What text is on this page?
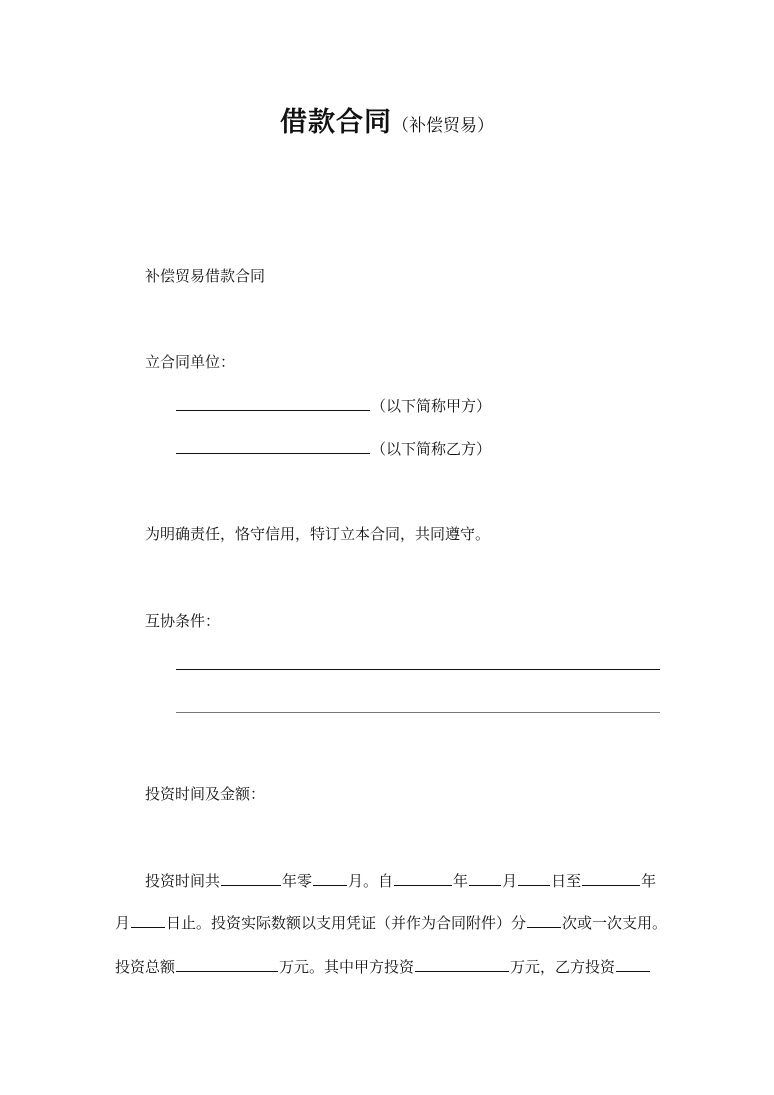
借款合同（补偿贸易）
补偿贸易借款合同
立合同单位：
（以下简称甲方）
（以下简称乙方）
为明确责任，恪守信用，特订立本合同，共同遵守。
互协条件：
投资时间及金额：
投资时间共	年零 月。自	年 月 日至	年
月 日止。投资实际数额以支用凭证（并作为合同附件）分 次或一次支用。
投资总额	万元。其中甲方投资	万元，乙方投资
